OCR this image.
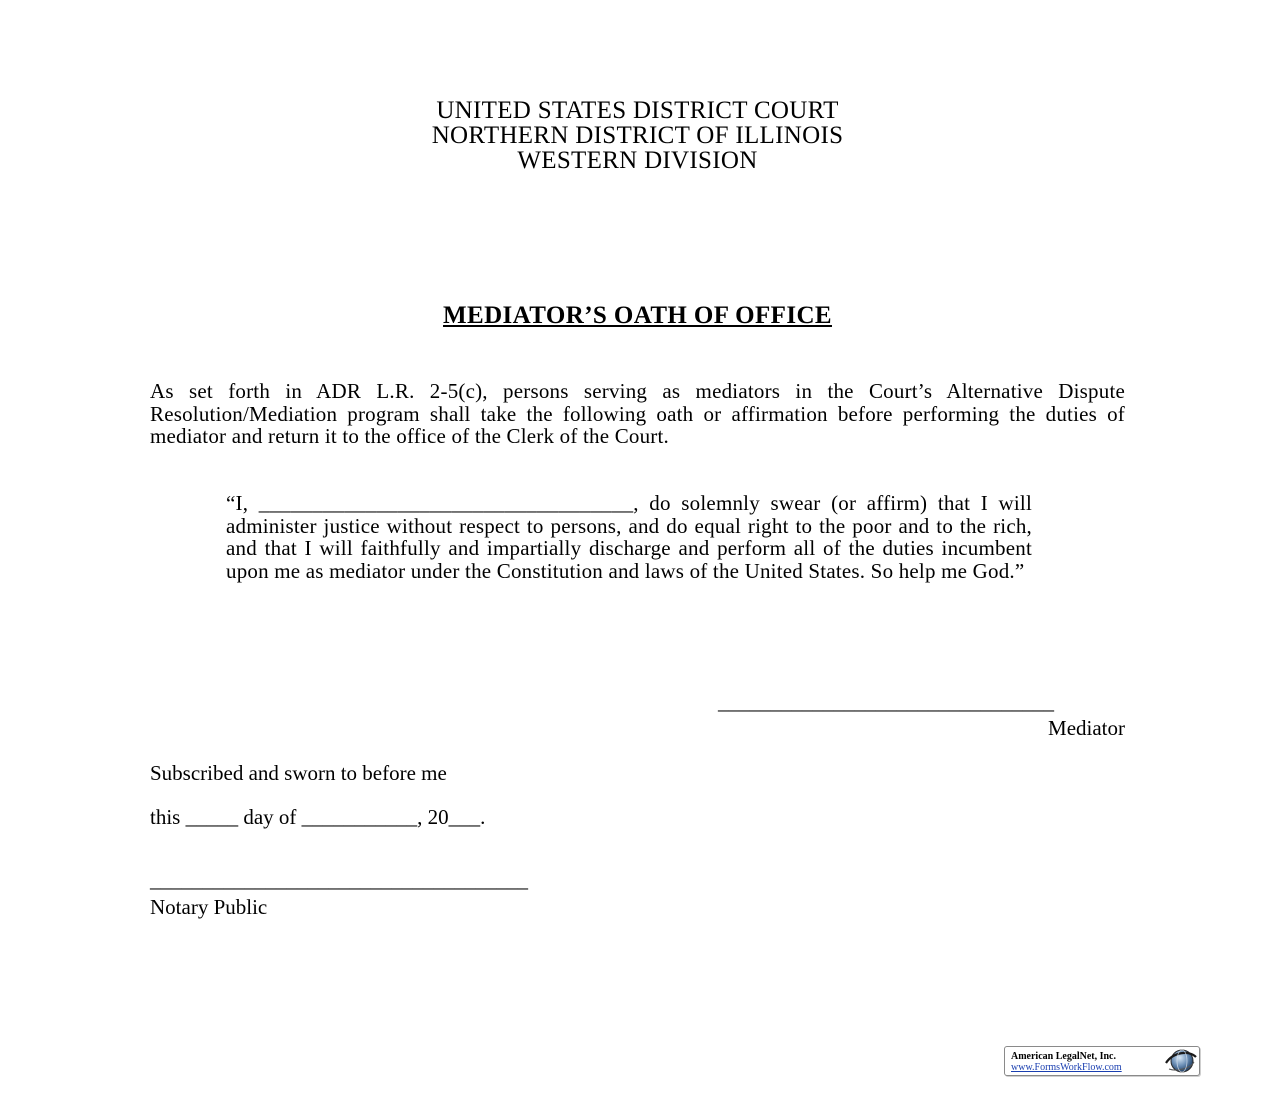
UNITED STATES DISTRICT COURT
NORTHERN DISTRICT OF ILLINOIS
WESTERN DIVISION
MEDIATOR’S OATH OF OFFICE

As set forth in ADR L.R. 2-5(c), persons serving as mediators in the Court’s Alternative Dispute Resolution/Mediation program shall take the following oath or affirmation before performing the duties of mediator and return it to the office of the Clerk of the Court.

“I, ___________________________________, do solemnly swear (or affirm) that I will administer justice without respect to persons, and do equal right to the poor and to the rich, and that I will faithfully and impartially discharge and perform all of the duties incumbent upon me as mediator under the Constitution and laws of the United States. So help me God.”

________________________________
Mediator
Subscribed and sworn to before me
this _____ day of ___________, 20___.
____________________________________
Notary Public
American LegalNet, Inc.
www.FormsWorkFlow.com
